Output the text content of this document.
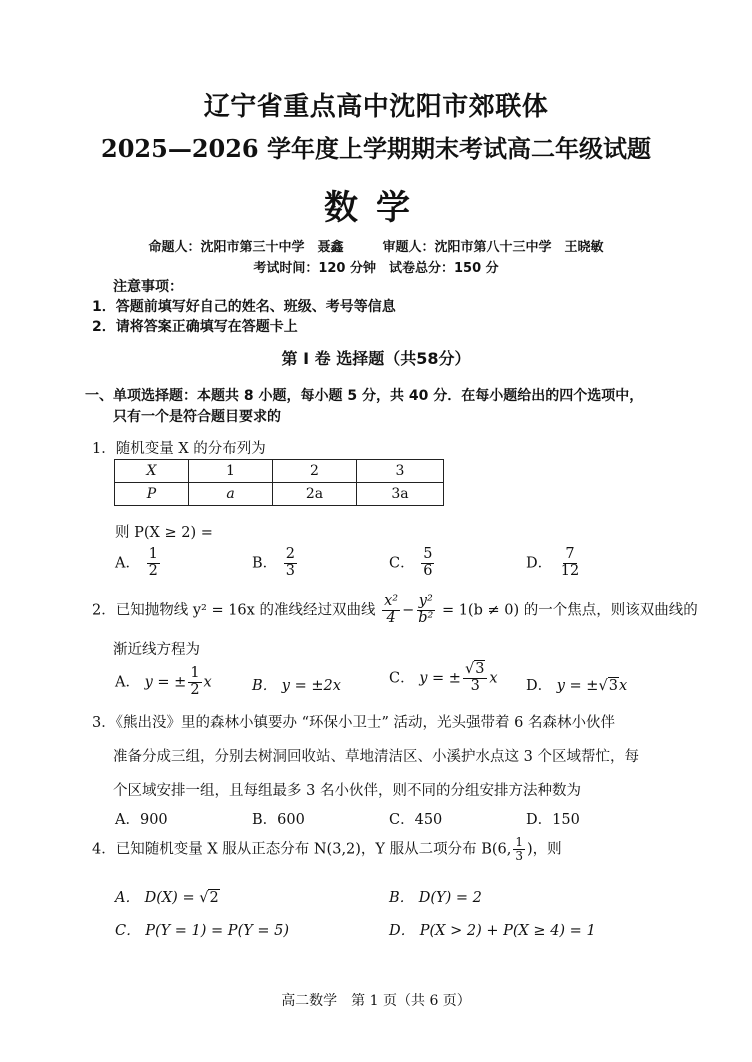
辽宁省重点高中沈阳市郊联体
2025—2026 学年度上学期期末考试高二年级试题
数学
命题人：沈阳市第三十中学　聂鑫　　　审题人：沈阳市第八十三中学　王晓敏
考试时间：120 分钟　试卷总分：150 分
注意事项：
1．答题前填写好自己的姓名、班级、考号等信息
2．请将答案正确填写在答题卡上
第 I 卷 选择题（共58分）
一、单项选择题：本题共 8 小题，每小题 5 分，共 40 分．在每小题给出的四个选项中，
只有一个是符合题目要求的
1．随机变量 X 的分布列为
X	1	2	3
P	a	2a	3a
则 P(X ≥ 2) =
A． $\frac{1}{2}$	B． $\frac{2}{3}$	C． $\frac{5}{6}$	D． $\frac{7}{12}$
2．已知抛物线 y² = 16x 的准线经过双曲线 $\frac{\text{x²}}{4} - \frac{\text{y²}}{\text{b²}} = 1(b \ne 0)$ 的一个焦点，则该双曲线的
渐近线方程为
A． y = ± $\frac{1}{2}$ x	B． y = ±2x	C． y = ± $\frac{√3}{3}$ x D． y = ±√3x
3．《熊出没》里的森林小镇要办 “环保小卫士” 活动，光头强带着 6 名森林小伙伴
准备分成三组，分别去树洞回收站、草地清洁区、小溪护水点这 3 个区域帮忙，每
个区域安排一组，且每组最多 3 名小伙伴，则不同的分组安排方法种数为
A．900	B．600	C．450	D．150
4．已知随机变量 X 服从正态分布 N(3,2)，Y 服从二项分布 B(6, $\frac{1}{3}$ )，则
A． D(X) = √2	B． D(Y) = 2
C． P(Y = 1) = P(Y = 5)	D． P(X > 2) + P(X ≥ 4) = 1
高二数学　第 1 页（共 6 页）
